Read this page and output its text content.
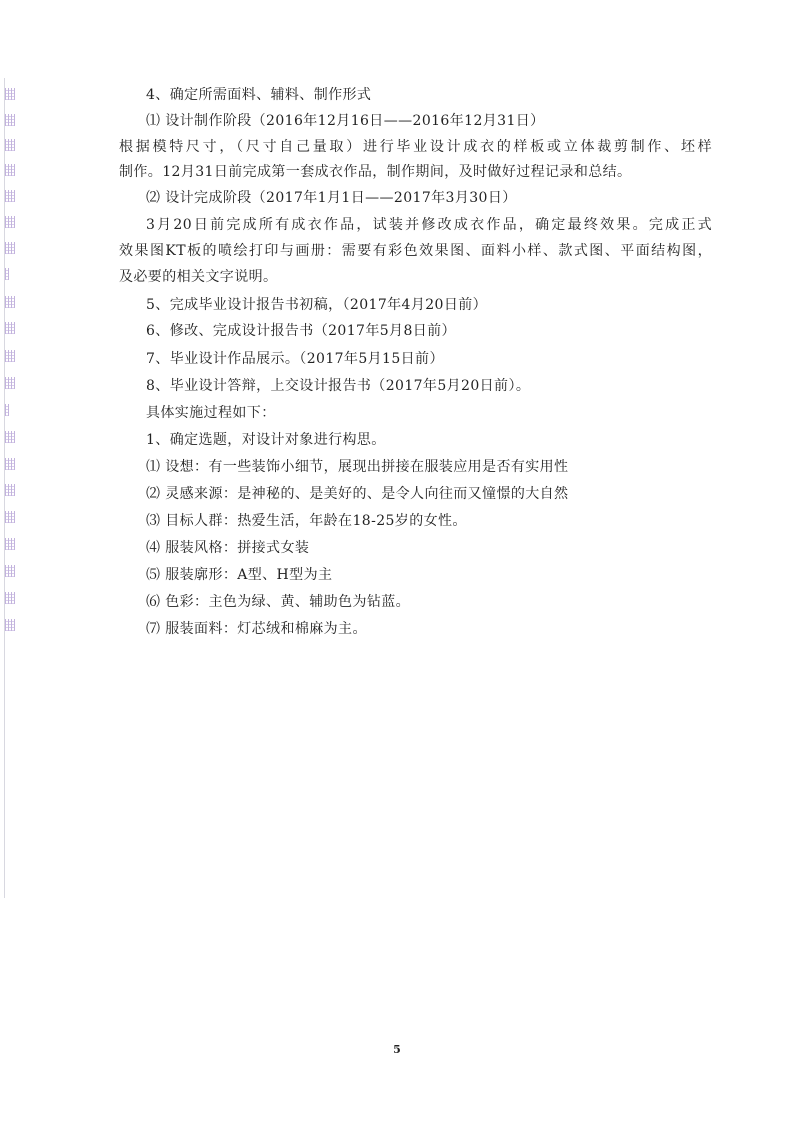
4、确定所需面料、辅料、制作形式
⑴ 设计制作阶段（2016年12月16日——2016年12月31日）
根据模特尺寸，（尺寸自己量取）进行毕业设计成衣的样板或立体裁剪制作、坯样
制作。12月31日前完成第一套成衣作品，制作期间，及时做好过程记录和总结。
⑵ 设计完成阶段（2017年1月1日——2017年3月30日）
3月20日前完成所有成衣作品，试装并修改成衣作品，确定最终效果。完成正式
效果图KT板的喷绘打印与画册：需要有彩色效果图、面料小样、款式图、平面结构图，
及必要的相关文字说明。
5、完成毕业设计报告书初稿，（2017年4月20日前）
6、修改、完成设计报告书（2017年5月8日前）
7、毕业设计作品展示。（2017年5月15日前）
8、毕业设计答辩，上交设计报告书（2017年5月20日前）。
具体实施过程如下：
1、确定选题，对设计对象进行构思。
⑴ 设想：有一些装饰小细节，展现出拼接在服装应用是否有实用性
⑵ 灵感来源：是神秘的、是美好的、是令人向往而又憧憬的大自然
⑶ 目标人群：热爱生活，年龄在18-25岁的女性。
⑷ 服装风格：拼接式女装
⑸ 服装廓形：A型、H型为主
⑹ 色彩：主色为绿、黄、辅助色为钻蓝。
⑺ 服装面料：灯芯绒和棉麻为主。
5
